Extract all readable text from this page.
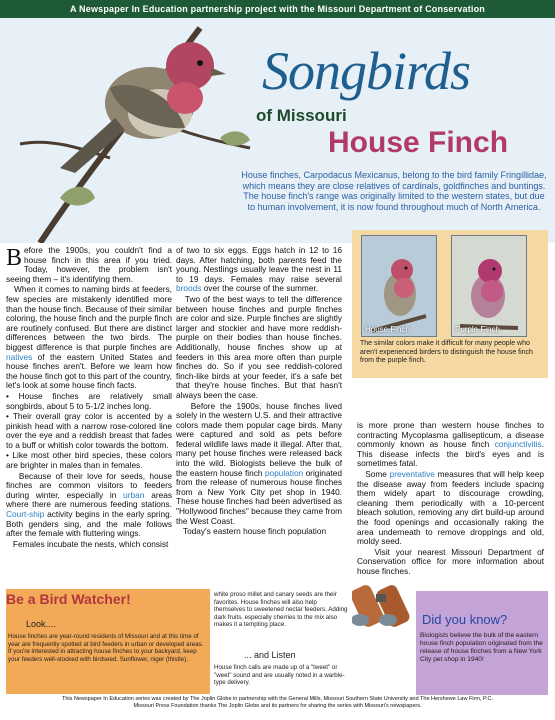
A Newspaper In Education partnership project with the Missouri Department of Conservation
Songbirds
of Missouri
House Finch
House finches, Carpodacus Mexicanus, belong to the bird family Fringillidae, which means they are close relatives of cardinals, goldfinches and buntings. The house finch's range was originally limited to the western states, but due to human involvement, it is now found throughout much of North America.

Before the 1900s, you couldn't find a house finch in this area if you tried. Today, however, the problem isn't seeing them – it's identifying them.

When it comes to naming birds at feeders, few species are mistakenly identified more than the house finch. Because of their similar coloring, the house finch and the purple finch are routinely confused. But there are distinct differences between the two birds. The biggest difference is that purple finches are natives of the eastern United States and house finches aren't. Before we learn how the house finch got to this part of the country, let's look at some house finch facts.

• House finches are relatively small songbirds, about 5 to 5-1/2 inches long.

• Their overall gray color is accented by a pinkish head with a narrow rose-colored line over the eye and a reddish breast that fades to a buff or whitish color towards the bottom.

• Like most other bird species, these colors are brighter in males than in females.

Because of their love for seeds, house finches are common visitors to feeders during winter, especially in urban areas where there are numerous feeding stations. Court-ship activity begins in the early spring. Both genders sing, and the male follows after the female with fluttering wings.

Females incubate the nests, which consist

of two to six eggs. Eggs hatch in 12 to 16 days. After hatching, both parents feed the young. Nestlings usually leave the nest in 11 to 19 days. Females may raise several broods over the course of the summer.

Two of the best ways to tell the difference between house finches and purple finches are color and size. Purple finches are slightly larger and stockier and have more reddish-purple on their bodies than house finches. Additionally, house finches show up at feeders in this area more often than purple finches do. So if you see reddish-colored finch-like birds at your feeder, it's a safe bet that they're house finches. But that hasn't always been the case.

Before the 1900s, house finches lived solely in the western U.S. and their attractive colors made them popular cage birds. Many were captured and sold as pets before federal wildlife laws made it illegal. After that, many pet house finches were released back into the wild. Biologists believe the bulk of the eastern house finch population originated from the release of numerous house finches from a New York City pet shop in 1940. These house finches had been advertised as "Hollywood finches" because they came from the West Coast.

Today's eastern house finch population

House Finch	Purple Finch
The similar colors make it difficult for many people who aren't experienced birders to distinguish the house finch from the purple finch.

is more prone than western house finches to contracting Mycoplasma gallisepticum, a disease commonly known as house finch conjunctivitis. This disease infects the bird's eyes and is sometimes fatal.

Some preventative measures that will help keep the disease away from feeders include spacing them widely apart to discourage crowding, cleaning them periodically with a 10-percent bleach solution, removing any dirt build-up around the food openings and occasionally raking the area underneath to remove droppings and old, moldy seed.

Visit your nearest Missouri Department of Conservation office for more information about house finches.

Be a Bird Watcher!
Look....
House finches are year-round residents of Missouri and at this time of year are frequently spotted at bird feeders in urban or developed areas. If you're interested in attracting house finches to your backyard, keep your feeders well-stocked with birdseed. Sunflower, niger (thistle),
white proso millet and canary seeds are their favorites. House finches will also help themselves to sweetened nectar feeders. Adding dark fruits, especially cherries to the mix also makes it a tempting place.
... and Listen
House finch calls are made up of a "tweet" or "weet" sound and are usually noted in a warble-type delivery.
Did you know?
Biologists believe the bulk of the eastern house finch population originated from the release of house finches from a New York City pet shop in 1940!
This Newspaper In Education series was created by The Joplin Globe in partnership with the General Mills, Missouri Southern State University and The Hershewe Law Firm, P.C.
Missouri Press Foundation thanks The Joplin Globe and its partners for sharing the series with Missouri's newspapers.
